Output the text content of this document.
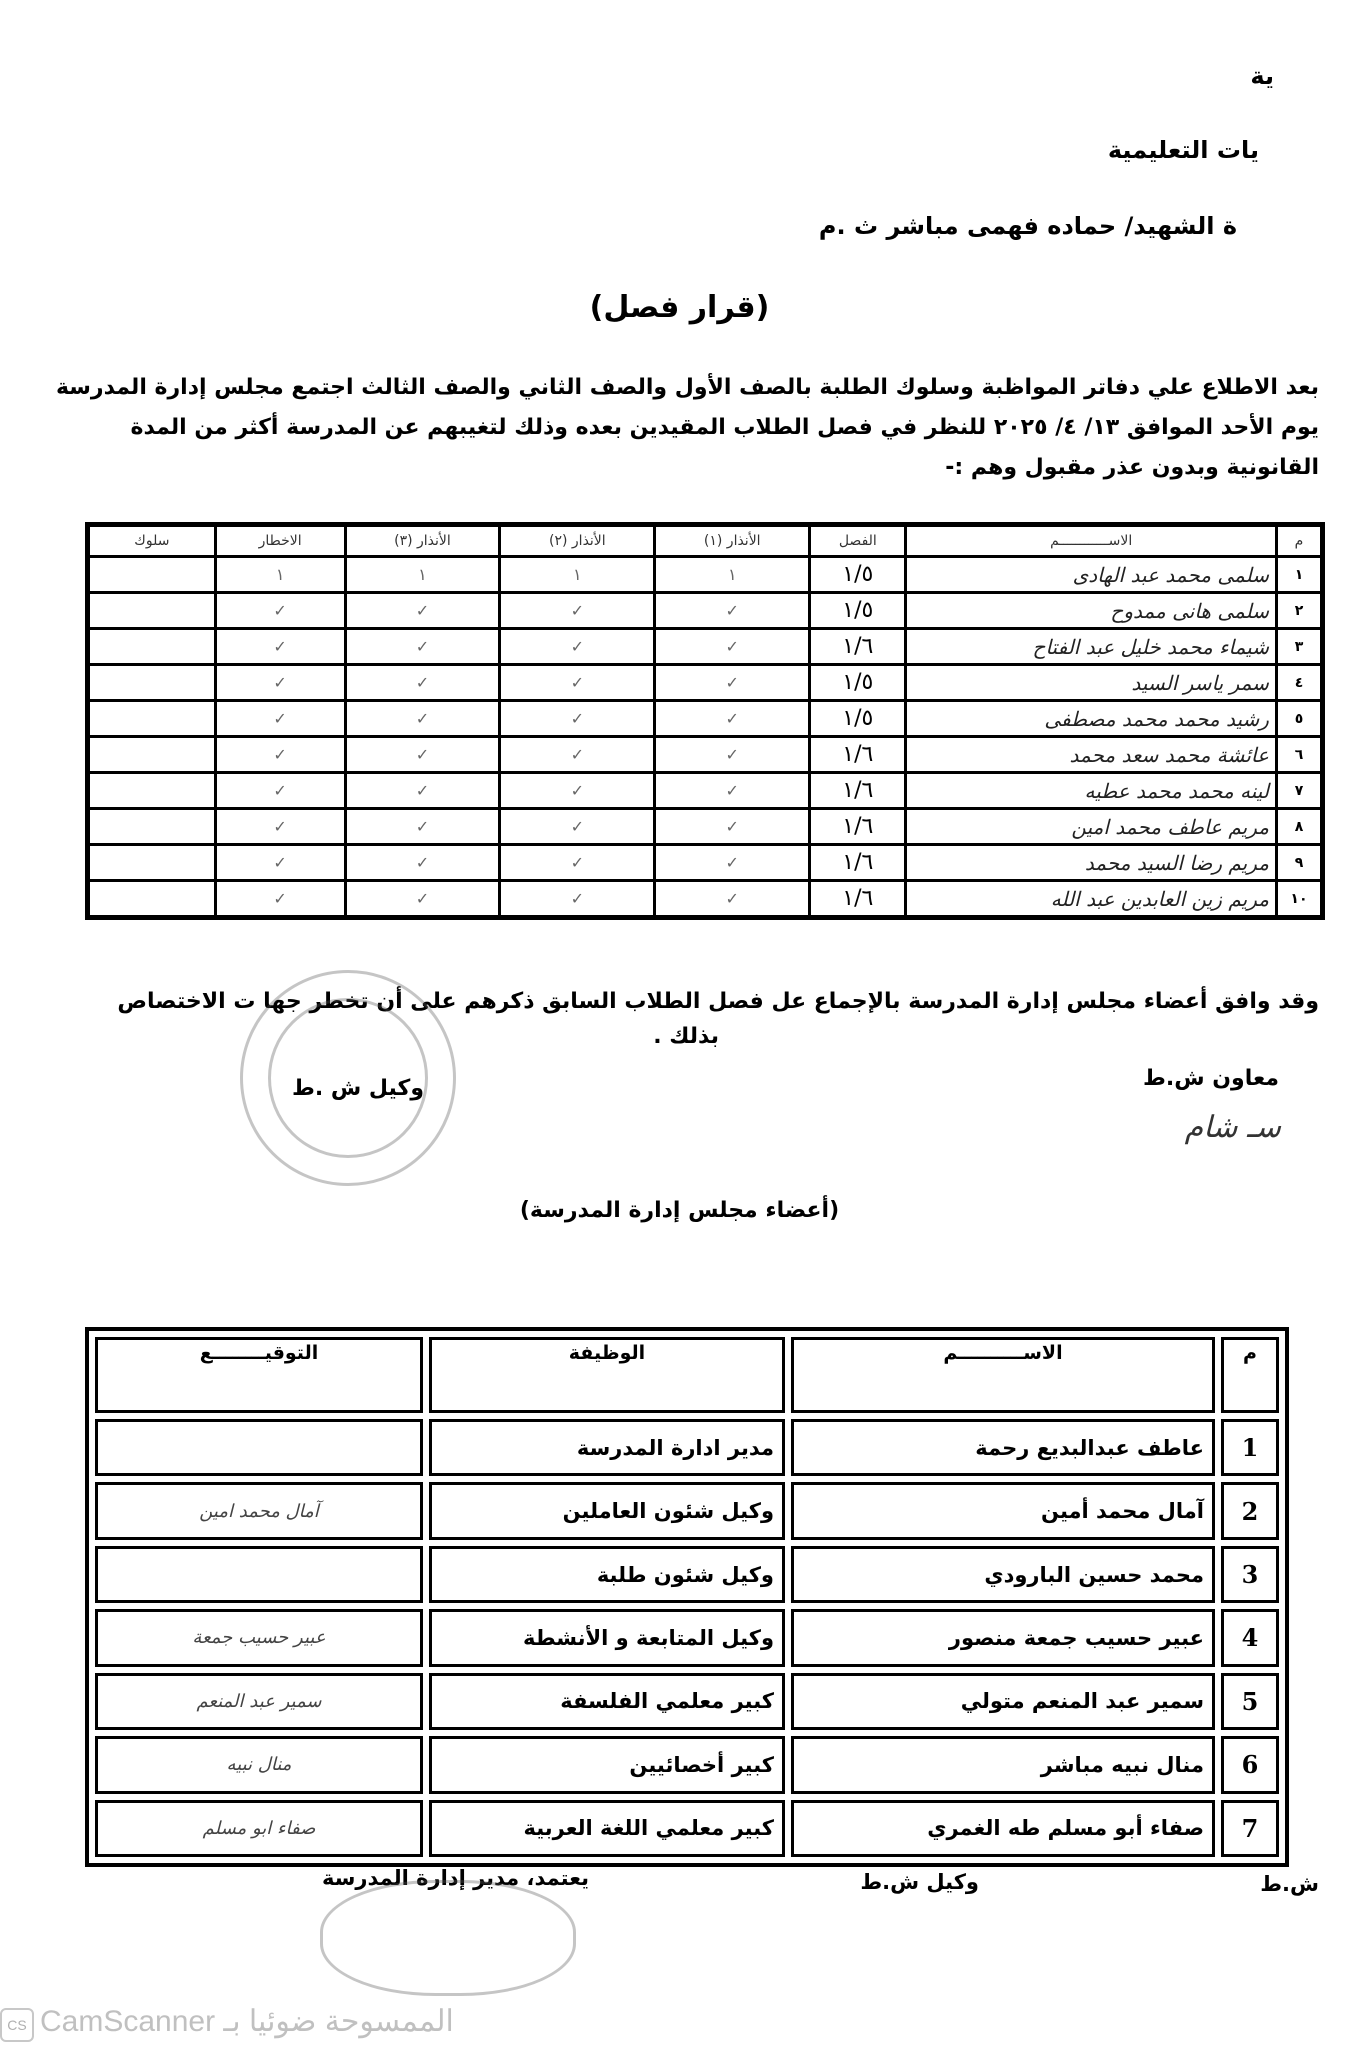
ية
يات التعليمية
ة الشهيد/ حماده فهمى مباشر ث .م
(قرار فصل)
بعد الاطلاع علي دفاتر المواظبة وسلوك الطلبة بالصف الأول والصف الثاني والصف الثالث اجتمع مجلس إدارة المدرسة
يوم الأحد الموافق ١٣/ ٤/ ٢٠٢٥ للنظر في فصل الطلاب المقيدين بعده وذلك لتغيبهم عن المدرسة أكثر من المدة
القانونية وبدون عذر مقبول وهم :-
م	الاســــــــــــم	الفصل	الأنذار (١)	الأنذار (٢)	الأنذار (٣)	الاخطار	سلوك
١	سلمى محمد عبد الهادى	١/٥	١	١	١	١	
٢	سلمى هانى ممدوح	١/٥	✓	✓	✓	✓	
٣	شيماء محمد خليل عبد الفتاح	١/٦	✓	✓	✓	✓	
٤	سمر ياسر السيد	١/٥	✓	✓	✓	✓	
٥	رشيد محمد محمد مصطفى	١/٥	✓	✓	✓	✓	
٦	عائشة محمد سعد محمد	١/٦	✓	✓	✓	✓	
٧	لينه محمد محمد عطيه	١/٦	✓	✓	✓	✓	
٨	مريم عاطف محمد امين	١/٦	✓	✓	✓	✓	
٩	مريم رضا السيد محمد	١/٦	✓	✓	✓	✓	
١٠	مريم زين العابدين عبد الله	١/٦	✓	✓	✓	✓	
وقد وافق أعضاء مجلس إدارة المدرسة بالإجماع عل فصل الطلاب السابق ذكرهم على أن تخطر جها ت الاختصاص
بذلك .
معاون ش.ط
وكيل ش .ط
سـ شام
(أعضاء مجلس إدارة المدرسة)
م	الاســــــــــم	الوظيفة	التوقيــــــــع
1	عاطف عبدالبديع رحمة	مدير ادارة المدرسة	
2	آمال محمد أمين	وكيل شئون العاملين	آمال محمد امين
3	محمد حسين البارودي	وكيل شئون طلبة	
4	عبير حسيب جمعة منصور	وكيل المتابعة و الأنشطة	عبير حسيب جمعة
5	سمير عبد المنعم متولي	كبير معلمي الفلسفة	سمير عبد المنعم
6	منال نبيه مباشر	كبير أخصائيين	منال نبيه
7	صفاء أبو مسلم طه الغمري	كبير معلمي اللغة العربية	صفاء ابو مسلم
ش.ط
وكيل ش.ط
يعتمد، مدير إدارة المدرسة
CS الممسوحة ضوئيا بـ CamScanner
